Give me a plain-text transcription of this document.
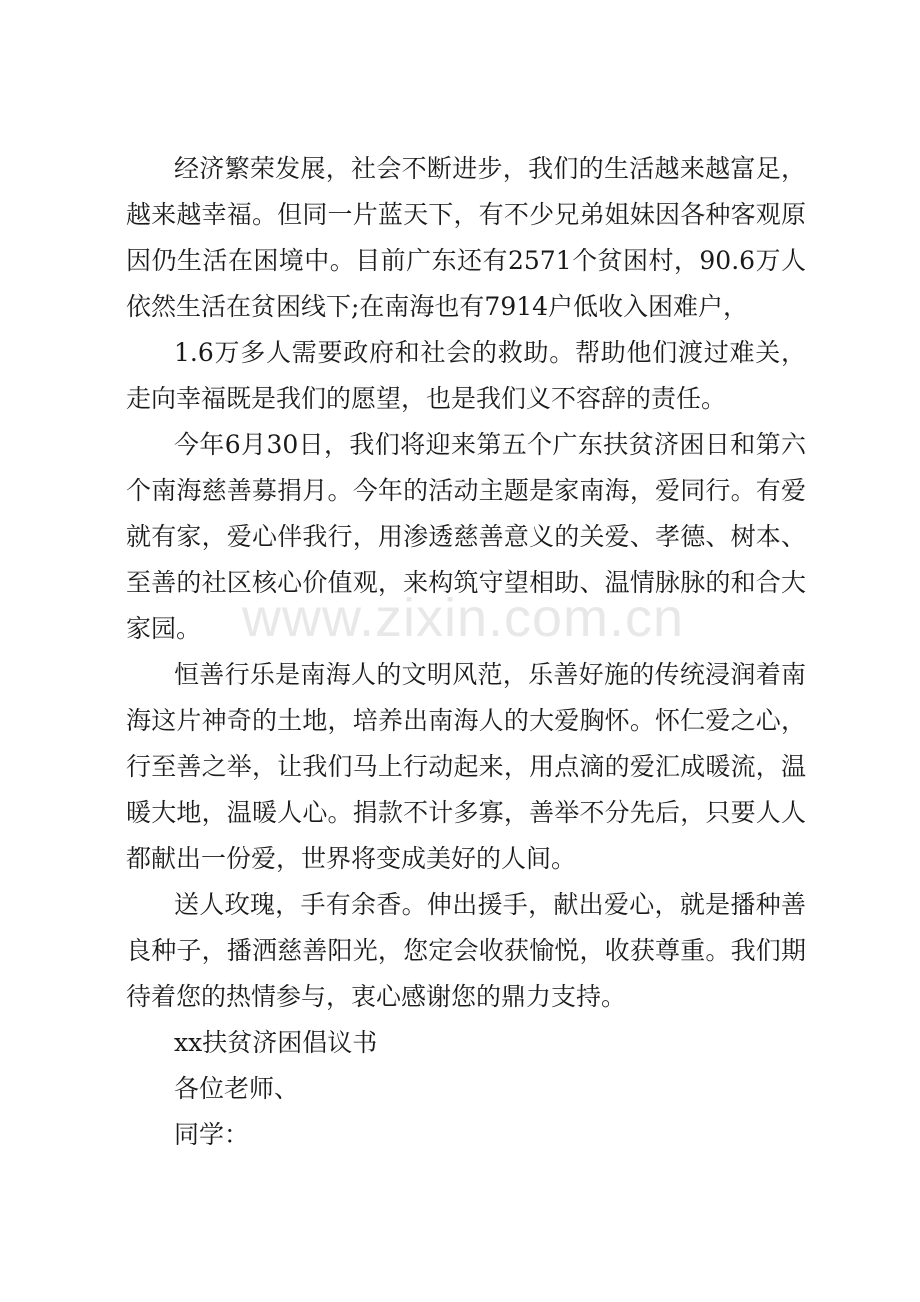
经济繁荣发展，社会不断进步，我们的生活越来越富足，越来越幸福。但同一片蓝天下，有不少兄弟姐妹因各种客观原因仍生活在困境中。目前广东还有2571个贫困村，90.6万人依然生活在贫困线下;在南海也有7914户低收入困难户，

1.6万多人需要政府和社会的救助。帮助他们渡过难关，走向幸福既是我们的愿望，也是我们义不容辞的责任。

今年6月30日，我们将迎来第五个广东扶贫济困日和第六个南海慈善募捐月。今年的活动主题是家南海，爱同行。有爱就有家，爱心伴我行，用渗透慈善意义的关爱、孝德、树本、至善的社区核心价值观，来构筑守望相助、温情脉脉的和合大家园。

恒善行乐是南海人的文明风范，乐善好施的传统浸润着南海这片神奇的土地，培养出南海人的大爱胸怀。怀仁爱之心，行至善之举，让我们马上行动起来，用点滴的爱汇成暖流，温暖大地，温暖人心。捐款不计多寡，善举不分先后，只要人人都献出一份爱，世界将变成美好的人间。

送人玫瑰，手有余香。伸出援手，献出爱心，就是播种善良种子，播洒慈善阳光，您定会收获愉悦，收获尊重。我们期待着您的热情参与，衷心感谢您的鼎力支持。

xx扶贫济困倡议书

各位老师、

同学：

www.zixin.com.cn
